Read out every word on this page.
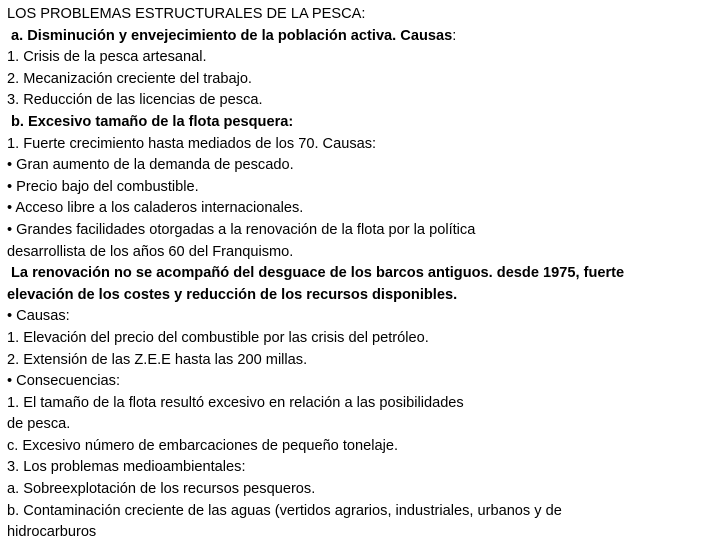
LOS PROBLEMAS ESTRUCTURALES DE LA PESCA:
a. Disminución y envejecimiento de la población activa. Causas:
1. Crisis de la pesca artesanal.
2. Mecanización creciente del trabajo.
3. Reducción de las licencias de pesca.
b. Excesivo tamaño de la flota pesquera:
1. Fuerte crecimiento hasta mediados de los 70. Causas:
• Gran aumento de la demanda de pescado.
• Precio bajo del combustible.
• Acceso libre a los caladeros internacionales.
• Grandes facilidades otorgadas a la renovación de la flota por la política
desarrollista de los años 60 del Franquismo.
La renovación no se acompañó del desguace de los barcos antiguos. desde 1975, fuerte
elevación de los costes y reducción de los recursos disponibles.
• Causas:
1. Elevación del precio del combustible por las crisis del petróleo.
2. Extensión de las Z.E.E hasta las 200 millas.
• Consecuencias:
1. El tamaño de la flota resultó excesivo en relación a las posibilidades
de pesca.
c. Excesivo número de embarcaciones de pequeño tonelaje.
3. Los problemas medioambientales:
a. Sobreexplotación de los recursos pesqueros.
b. Contaminación creciente de las aguas (vertidos agrarios, industriales, urbanos y de
hidrocarburos
